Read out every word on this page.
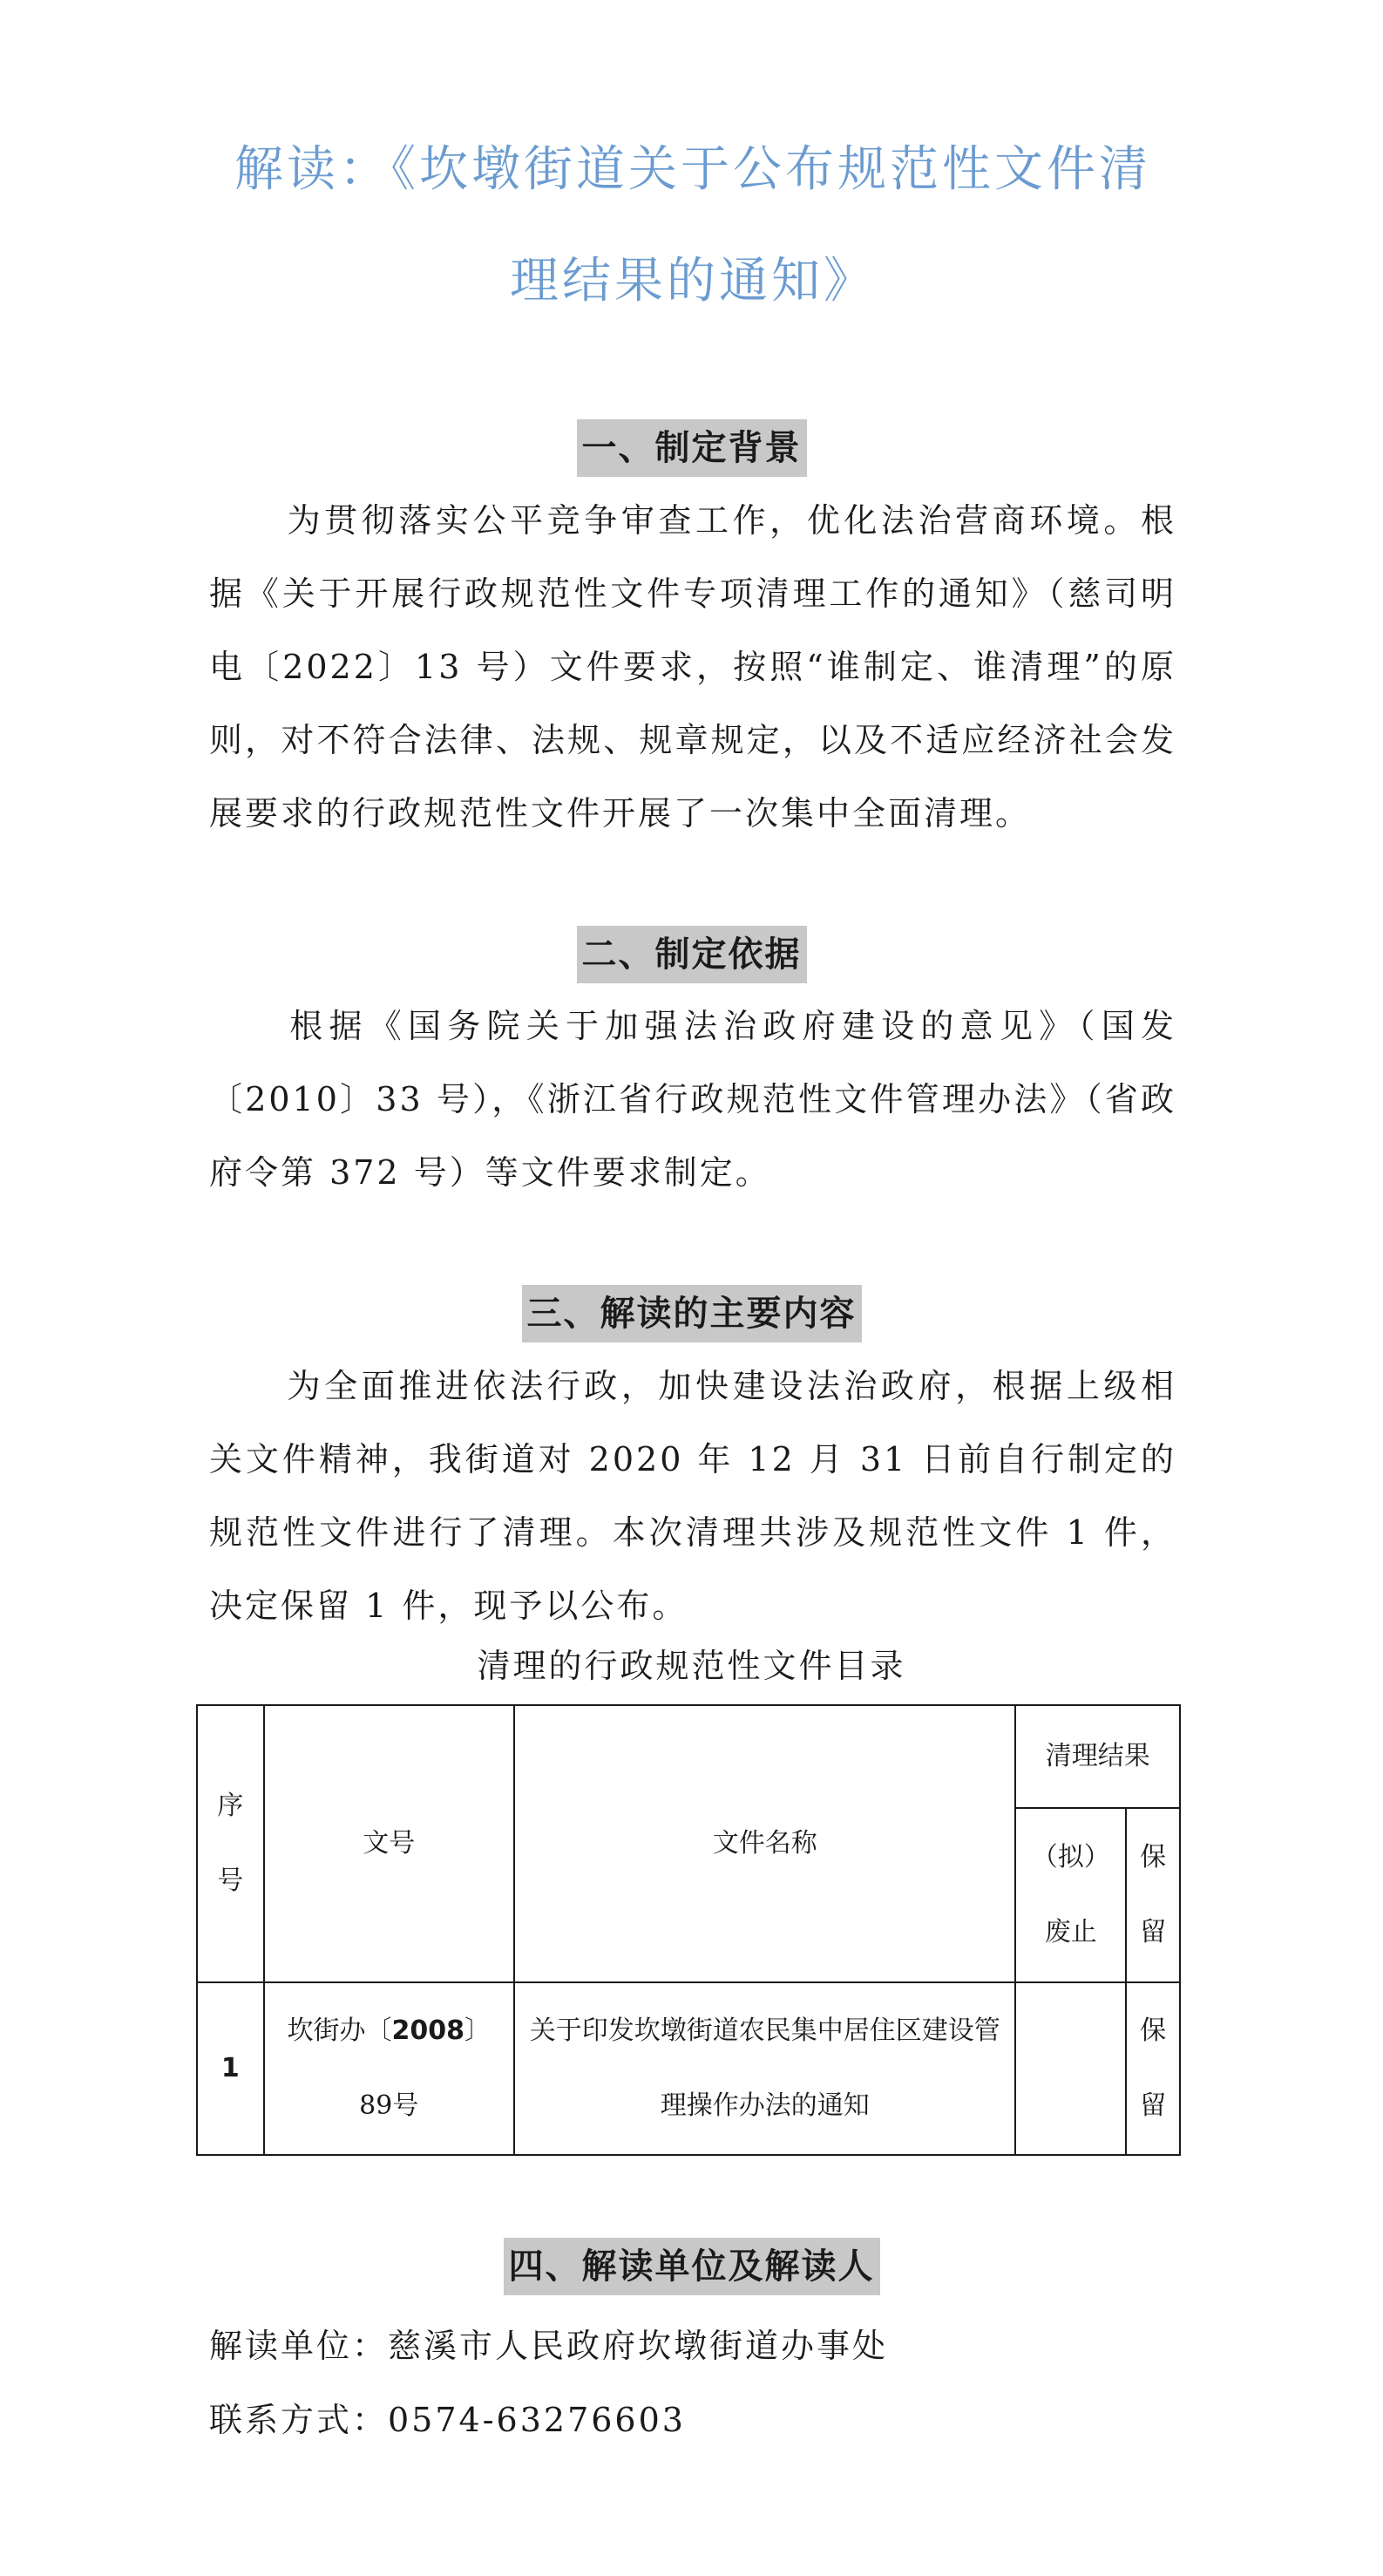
解读：《坎墩街道关于公布规范性文件清
理结果的通知》
一、制定背景
为贯彻落实公平竞争审查工作，优化法治营商环境。根据《关于开展行政规范性文件专项清理工作的通知》（慈司明电〔2022〕13 号）文件要求，按照“谁制定、谁清理”的原则，对不符合法律、法规、规章规定，以及不适应经济社会发展要求的行政规范性文件开展了一次集中全面清理。
二、制定依据
根据《国务院关于加强法治政府建设的意见》（国发〔2010〕33 号），《浙江省行政规范性文件管理办法》（省政府令第 372 号）等文件要求制定。
三、解读的主要内容
为全面推进依法行政，加快建设法治政府，根据上级相关文件精神，我街道对 2020 年 12 月 31 日前自行制定的规范性文件进行了清理。本次清理共涉及规范性文件 1 件，决定保留 1 件，现予以公布。
清理的行政规范性文件目录
序号	文号	文件名称	清理结果	
			（拟）废止	保留
1	坎街办〔2008〕89号	关于印发坎墩街道农民集中居住区建设管理操作办法的通知		保留
四、解读单位及解读人
解读单位：慈溪市人民政府坎墩街道办事处
联系方式：0574-63276603
